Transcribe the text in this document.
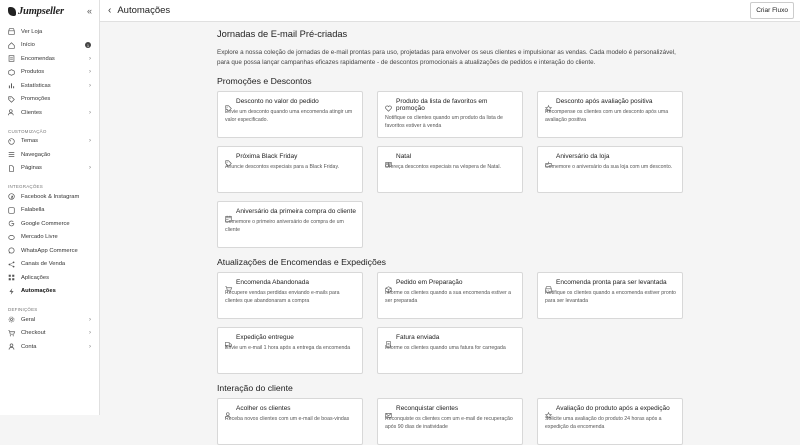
Jumpseller	«
Ver Loja
Início	1
Encomendas	›
Produtos	›
Estatísticas	›
Promoções
Clientes	›
CUSTOMIZAÇÃO
Temas	›
Navegação
Páginas	›
INTEGRAÇÕES
Facebook & Instagram
Falabella
Google Commerce
Mercado Livre
WhatsApp Commerce
Canais de Venda
Aplicações
Automações
DEFINIÇÕES
Geral	›
Checkout	›
Conta	›
‹ Automações	Criar Fluxo
Jornadas de E-mail Pré-criadas

Explore a nossa coleção de jornadas de e-mail prontas para uso, projetadas para envolver os seus clientes e impulsionar as vendas. Cada modelo é personalizável, para que possa lançar campanhas eficazes rapidamente - de descontos promocionais a atualizações de pedidos e interação do cliente.

Promoções e Descontos
Desconto no valor do pedido
Envie um desconto quando uma encomenda atingir um valor especificado.
Produto da lista de favoritos em promoção
Notifique os clientes quando um produto da lista de favoritos estiver à venda
Desconto após avaliação positiva
Recompense os clientes com um desconto após uma avaliação positiva
Próxima Black Friday
Anuncie descontos especiais para a Black Friday.
Natal
Ofereça descontos especiais na véspera de Natal.
Aniversário da loja
Comemore o aniversário da sua loja com um desconto.
Aniversário da primeira compra do cliente
Comemore o primeiro aniversário de compra de um cliente
Atualizações de Encomendas e Expedições
Encomenda Abandonada
Recupere vendas perdidas enviando e-mails para clientes que abandonaram a compra
Pedido em Preparação
Informe os clientes quando a sua encomenda estiver a ser preparada
Encomenda pronta para ser levantada
Notifique os clientes quando a encomenda estiver pronto para ser levantada
Expedição entregue
Envie um e-mail 1 hora após a entrega da encomenda
Fatura enviada
Informe os clientes quando uma fatura for carregada
Interação do cliente
Acolher os clientes
Receba novos clientes com um e-mail de boas-vindas
Reconquistar clientes
Reconquiste os clientes com um e-mail de recuperação após 90 dias de inatividade
Avaliação do produto após a expedição
Solicite uma avaliação do produto 24 horas após a expedição da encomenda
